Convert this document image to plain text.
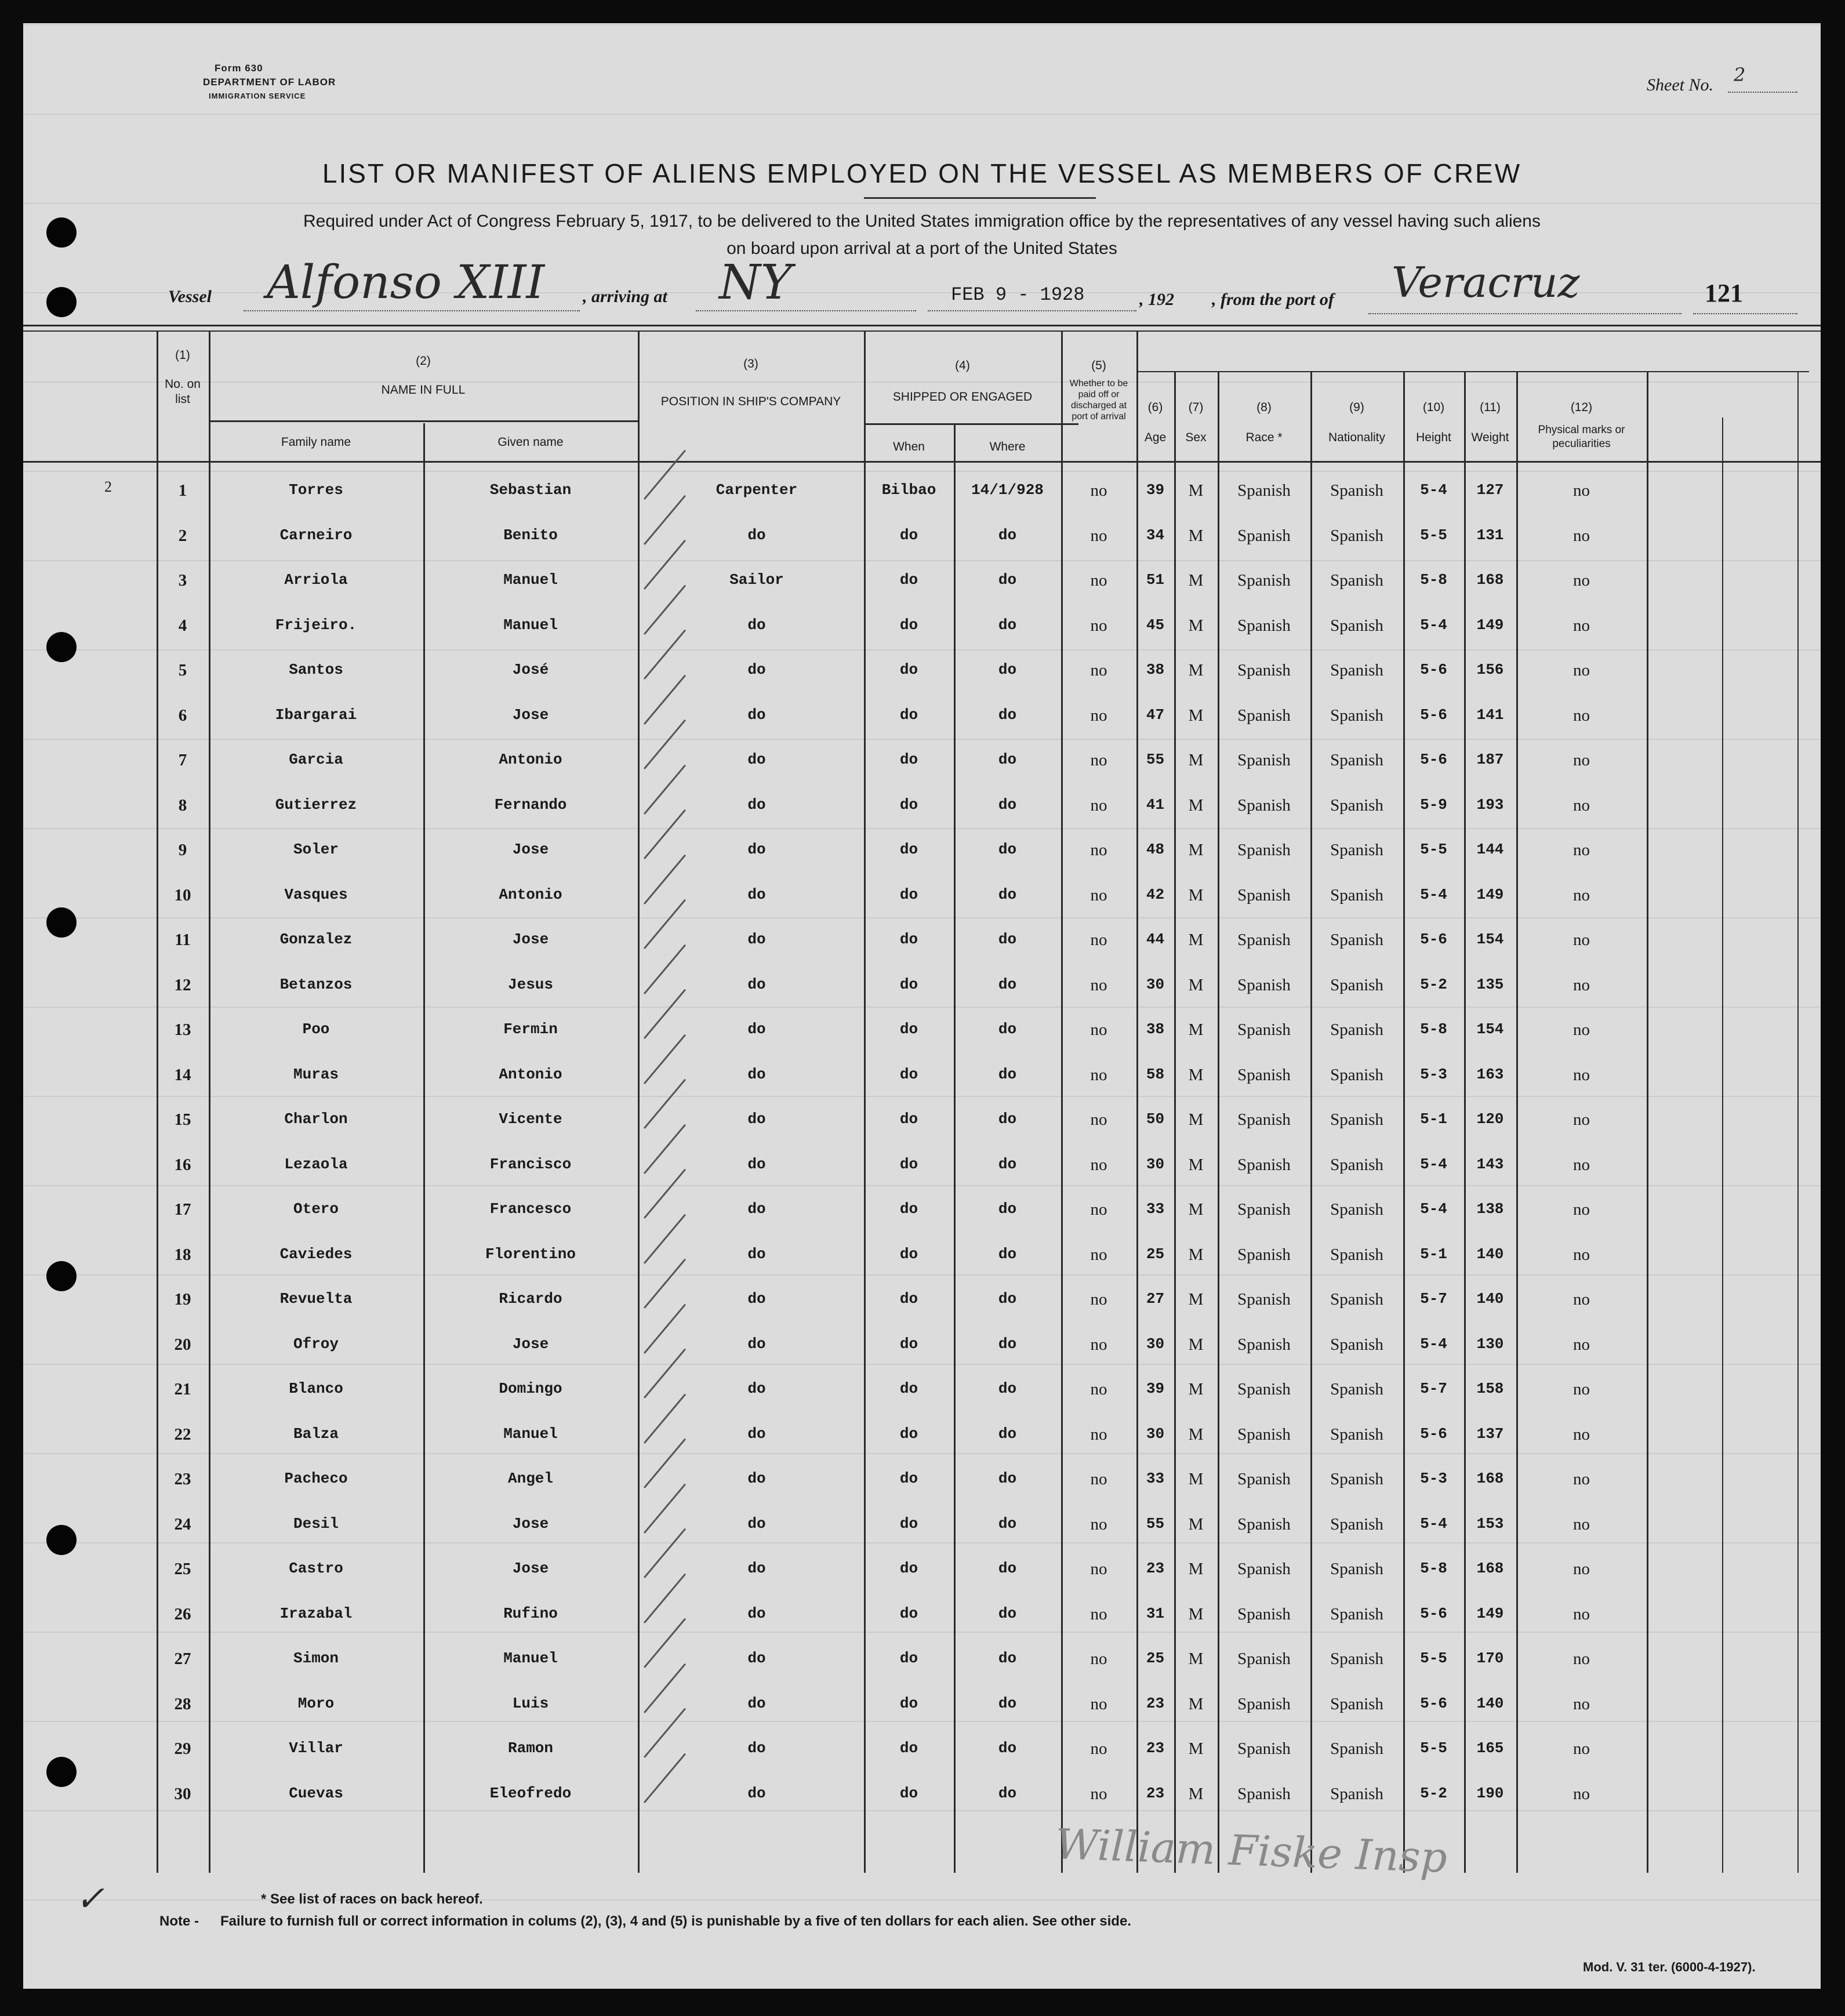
Form 630
DEPARTMENT OF LABOR
IMMIGRATION SERVICE
Sheet No. 2
LIST OR MANIFEST OF ALIENS EMPLOYED ON THE VESSEL AS MEMBERS OF CREW
Required under Act of Congress February 5, 1917, to be delivered to the United States immigration office by the representatives of any vessel having such aliens
on board upon arrival at a port of the United States
Vessel Alfonso XIII , arriving at NY	FEB 9 - 1928	, 192 , from the port of Veracruz	121
(1)
No. on list
(2)
NAME IN FULL
Family name	Given name
(3)
POSITION IN SHIP'S COMPANY
(4)
SHIPPED OR ENGAGED
When	Where
(5)
Whether to be paid off or discharged at port of arrival
(6)
Age
(7)
Sex
(8)
Race *
(9)
Nationality
(10)
Height
(11)
Weight
(12)
Physical marks or peculiarities
2	1	Torres	Sebastian	Carpenter	Bilbao	14/1/928	no	39	M	Spanish	Spanish	5-4	127	no
2	Carneiro	Benito	do	do	do	no	34	M	Spanish	Spanish	5-5	131	no
3	Arriola	Manuel	Sailor	do	do	no	51	M	Spanish	Spanish	5-8	168	no
4	Frijeiro.	Manuel	do	do	do	no	45	M	Spanish	Spanish	5-4	149	no
5	Santos	José	do	do	do	no	38	M	Spanish	Spanish	5-6	156	no
6	Ibargarai	Jose	do	do	do	no	47	M	Spanish	Spanish	5-6	141	no
7	Garcia	Antonio	do	do	do	no	55	M	Spanish	Spanish	5-6	187	no
8	Gutierrez	Fernando	do	do	do	no	41	M	Spanish	Spanish	5-9	193	no
9	Soler	Jose	do	do	do	no	48	M	Spanish	Spanish	5-5	144	no
10	Vasques	Antonio	do	do	do	no	42	M	Spanish	Spanish	5-4	149	no
11	Gonzalez	Jose	do	do	do	no	44	M	Spanish	Spanish	5-6	154	no
12	Betanzos	Jesus	do	do	do	no	30	M	Spanish	Spanish	5-2	135	no
13	Poo	Fermin	do	do	do	no	38	M	Spanish	Spanish	5-8	154	no
14	Muras	Antonio	do	do	do	no	58	M	Spanish	Spanish	5-3	163	no
15	Charlon	Vicente	do	do	do	no	50	M	Spanish	Spanish	5-1	120	no
16	Lezaola	Francisco	do	do	do	no	30	M	Spanish	Spanish	5-4	143	no
17	Otero	Francesco	do	do	do	no	33	M	Spanish	Spanish	5-4	138	no
18	Caviedes	Florentino	do	do	do	no	25	M	Spanish	Spanish	5-1	140	no
19	Revuelta	Ricardo	do	do	do	no	27	M	Spanish	Spanish	5-7	140	no
20	Ofroy	Jose	do	do	do	no	30	M	Spanish	Spanish	5-4	130	no
21	Blanco	Domingo	do	do	do	no	39	M	Spanish	Spanish	5-7	158	no
22	Balza	Manuel	do	do	do	no	30	M	Spanish	Spanish	5-6	137	no
23	Pacheco	Angel	do	do	do	no	33	M	Spanish	Spanish	5-3	168	no
24	Desil	Jose	do	do	do	no	55	M	Spanish	Spanish	5-4	153	no
25	Castro	Jose	do	do	do	no	23	M	Spanish	Spanish	5-8	168	no
26	Irazabal	Rufino	do	do	do	no	31	M	Spanish	Spanish	5-6	149	no
27	Simon	Manuel	do	do	do	no	25	M	Spanish	Spanish	5-5	170	no
28	Moro	Luis	do	do	do	no	23	M	Spanish	Spanish	5-6	140	no
29	Villar	Ramon	do	do	do	no	23	M	Spanish	Spanish	5-5	165	no
30	Cuevas	Eleofredo	do	do	do	no	23	M	Spanish	Spanish	5-2	190	no
William Fiske Insp
✓	* See list of races on back hereof.
Note - Failure to furnish full or correct information in colums (2), (3), 4 and (5) is punishable by a five of ten dollars for each alien. See other side.
Mod. V. 31 ter. (6000-4-1927).
